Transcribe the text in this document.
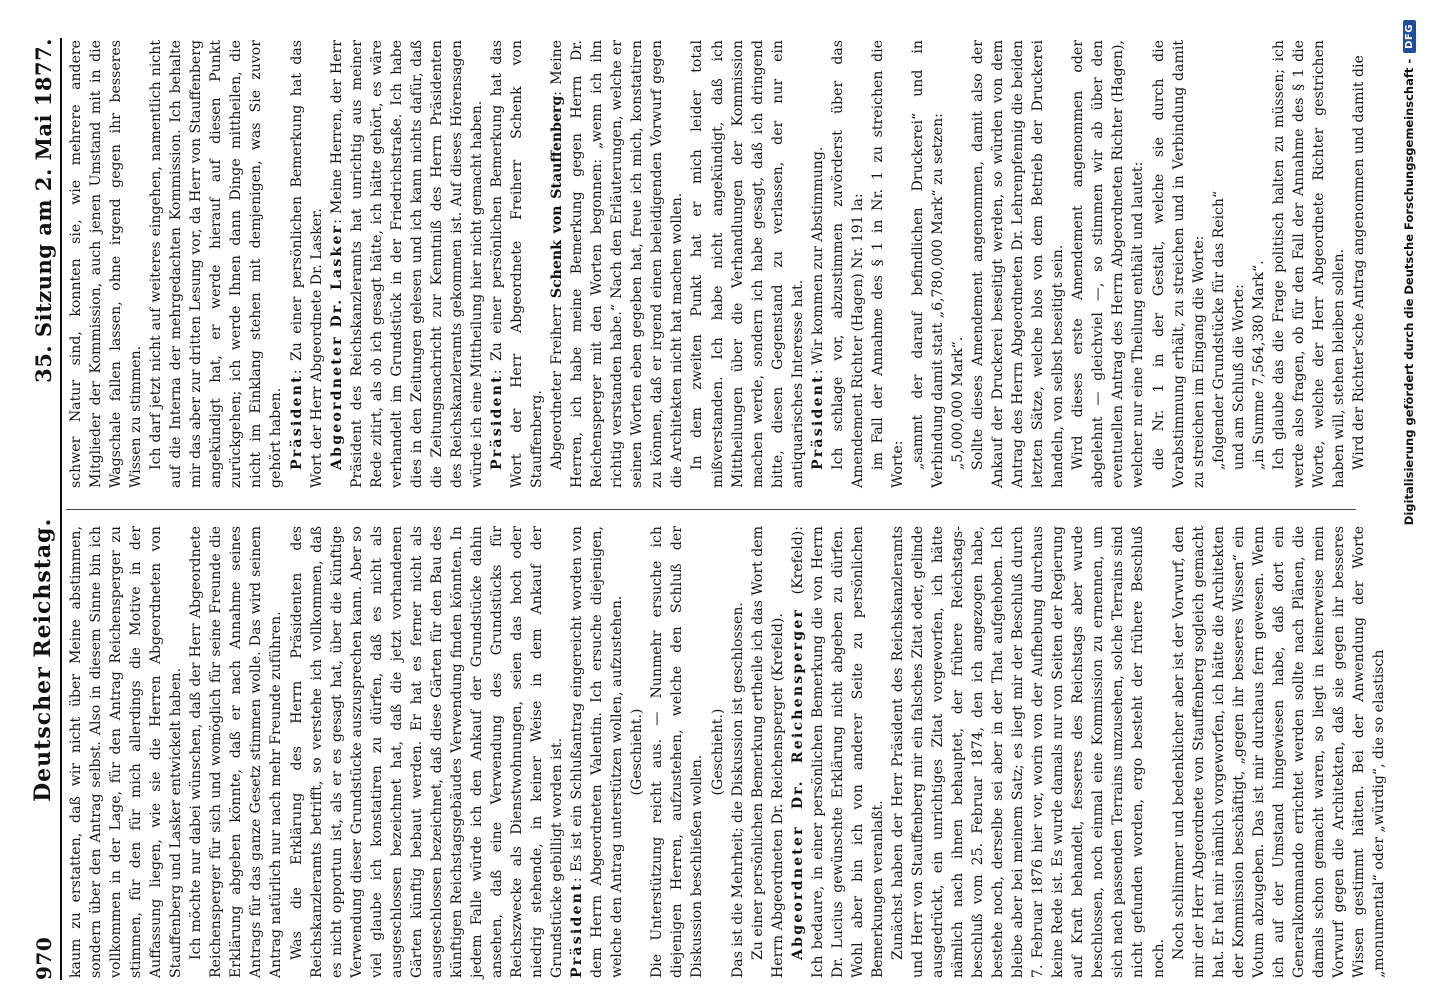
970
Deutscher Reichstag.
35. Sitzung am 2. Mai 1877.

kaum zu erstatten, daß wir nicht über Meine abstimmen, sondern über den Antrag selbst. Also in diesem Sinne bin ich vollkommen in der Lage, für den Antrag Reichensperger zu stimmen, für den für mich allerdings die Motive in der Auffassung liegen, wie sie die Herren Abgeordneten von Stauffenberg und Lasker entwickelt haben. Ich möchte nur dabei wünschen, daß der Herr Abgeordnete Reichensperger für sich und womöglich für seine Freunde die Erklärung abgeben könnte, daß er nach Annahme seines Antrags für das ganze Gesetz stimmen wolle. Das wird seinem Antrag natürlich nur nach mehr Freunde zuführen. Was die Erklärung des Herrn Präsidenten des Reichskanzleramts betrifft, so verstehe ich vollkommen, daß es nicht opportun ist, als er es gesagt hat, über die künftige Verwendung dieser Grundstücke auszusprechen kann. Aber so viel glaube ich konstatiren zu dürfen, daß es nicht als ausgeschlossen bezeichnet hat, daß die jetzt vorhandenen Gärten künftig bebaut werden. Er hat es ferner nicht als ausgeschlossen bezeichnet, daß diese Gärten für den Bau des künftigen Reichstagsgebäudes Verwendung finden könnten. In jedem Falle würde ich den Ankauf der Grundstücke dahin ansehen, daß eine Verwendung des Grundstücks für Reichszwecke als Dienstwohnungen, seien das hoch oder niedrig stehende, in keiner Weise in dem Ankauf der Grundstücke gebilligt worden ist. Präsident: Es ist ein Schlußantrag eingereicht worden von dem Herrn Abgeordneten Valentin. Ich ersuche diejenigen, welche den Antrag unterstützen wollen, aufzustehen. (Geschieht.) Die Unterstützung reicht aus. — Nunmehr ersuche ich diejenigen Herren, aufzustehen, welche den Schluß der Diskussion beschließen wollen.

(Geschieht.) Das ist die Mehrheit; die Diskussion ist geschlossen. Zu einer persönlichen Bemerkung ertheile ich das Wort dem Herrn Abgeordneten Dr. Reichensperger (Krefeld). Abgeordneter Dr. Reichensperger (Krefeld): Ich bedaure, in einer persönlichen Bemerkung die von Herrn Dr. Lucius gewünschte Erklärung nicht abgeben zu dürfen. Wohl aber bin ich von anderer Seite zu persönlichen Bemerkungen veranlaßt. Zunächst haben der Herr Präsident des Reichskanzleramts und Herr von Stauffenberg mir ein falsches Zitat oder, gelinde ausgedrückt, ein unrichtiges Zitat vorgeworfen, ich hätte nämlich nach ihnen behauptet, der frühere Reichstags-beschluß vom 25. Februar 1874, den ich angezogen habe, bestehe noch, derselbe sei aber in der That aufgehoben. Ich bleibe aber bei meinem Satz; es liegt mir der Beschluß durch 7. Februar 1876 hier vor, worin von der Aufhebung durchaus keine Rede ist. Es wurde damals nur von Seiten der Regierung auf Kraft behandelt, fesseres des Reichstags aber wurde beschlossen, noch einmal eine Kommission zu ernennen, um sich nach passenden Terrains umzusehen, solche Terrains sind nicht gefunden worden, ergo besteht der frühere Beschluß noch. Noch schlimmer und bedenklicher aber ist der Vorwurf, den mir der Herr Abgeordnete von Stauffenberg sogleich gemacht hat. Er hat mir nämlich vorgeworfen, ich hätte die Architekten der Kommission beschäftigt, „gegen ihr besseres Wissen“ ein Votum abzugeben. Das ist mir durchaus fern gewesen. Wenn ich auf der Umstand hingewiesen habe, daß dort ein Generalkommando errichtet werden sollte nach Plänen, die damals schon gemacht waren, so liegt in keinerweise mein Vorwurf gegen die Architekten, daß sie gegen ihr besseres Wissen gestimmt hätten. Bei der Anwendung der Worte „monumental“ oder „würdig“, die so elastisch

schwer Natur sind, konnten sie, wie mehrere andere Mitglieder der Kommission, auch jenen Umstand mit in die Wagschale fallen lassen, ohne irgend gegen ihr besseres Wissen zu stimmen. Ich darf jetzt nicht auf weiteres eingehen, namentlich nicht auf die Interna der mehrgedachten Kommission. Ich behalte mir das aber zur dritten Lesung vor, da Herr von Stauffenberg angekündigt hat, er werde hierauf auf diesen Punkt zurückgehen; ich werde Ihnen dann Dinge mittheilen, die nicht im Einklang stehen mit demjenigen, was Sie zuvor gehört haben. Präsident: Zu einer persönlichen Bemerkung hat das Wort der Herr Abgeordnete Dr. Lasker. Abgeordneter Dr. Lasker: Meine Herren, der Herr Präsident des Reichskanzleramts hat unrichtig aus meiner Rede zitirt, als ob ich gesagt hätte, ich hätte gehört, es wäre verhandelt im Grundstück in der Friedrichstraße. Ich habe dies in den Zeitungen gelesen und ich kann nichts dafür, daß die Zeitungsnachricht zur Kenntniß des Herrn Präsidenten des Reichskanzleramts gekommen ist. Auf dieses Hörensagen würde ich eine Mittheilung hier nicht gemacht haben. Präsident: Zu einer persönlichen Bemerkung hat das Wort der Herr Abgeordnete Freiherr Schenk von Stauffenberg. Abgeordneter Freiherr Schenk von Stauffenberg: Meine Herren, ich habe meine Bemerkung gegen Herrn Dr. Reichensperger mit den Worten begonnen: „wenn ich ihn richtig verstanden habe.“ Nach den Erläuterungen, welche er seinen Worten eben gegeben hat, freue ich mich, konstatiren zu können, daß er irgend einen beleidigenden Vorwurf gegen die Architekten nicht hat machen wollen. In dem zweiten Punkt hat er mich leider total mißverstanden. Ich habe nicht angekündigt, daß ich Mittheilungen über die Verhandlungen der Kommission machen werde, sondern ich habe gesagt, daß ich dringend bitte, diesen Gegenstand zu verlassen, der nur ein antiquarisches Interesse hat. Präsident: Wir kommen zur Abstimmung. Ich schlage vor, abzustimmen zuvörderst über das Amendement Richter (Hagen) Nr. 191 la: im Fall der Annahme des § 1 in Nr. 1 zu streichen die Worte: „sammt der darauf befindlichen Druckerei“ und in Verbindung damit statt „6,780,000 Mark“ zu setzen: „5,000,000 Mark“. Sollte dieses Amendement angenommen, damit also der Ankauf der Druckerei beseitigt werden, so würden von dem Antrag des Herrn Abgeordneten Dr. Lehrenpfennig die beiden letzten Sätze, welche blos von dem Betrieb der Druckerei handeln, von selbst beseitigt sein. Wird dieses erste Amendement angenommen oder abgelehnt — gleichviel —, so stimmen wir ab über den eventuellen Antrag des Herrn Abgeordneten Richter (Hagen), welcher nur eine Theilung enthält und lautet: die Nr. 1 in der Gestalt, welche sie durch die Vorabstimmung erhält, zu streichen und in Verbindung damit zu streichen im Eingang die Worte: „folgender Grundstücke für das Reich“ und am Schluß die Worte: „in Summe 7,564,380 Mark“. Ich glaube das die Frage politisch halten zu müssen; ich werde also fragen, ob für den Fall der Annahme des § 1 die Worte, welche der Herr Abgeordnete Richter gestrichen haben will, stehen bleiben sollen. Wird der Richter'sche Antrag angenommen und damit die	Digitalisierung gefördert durch die Deutsche Forschungsgemeinschaft -
DFG
